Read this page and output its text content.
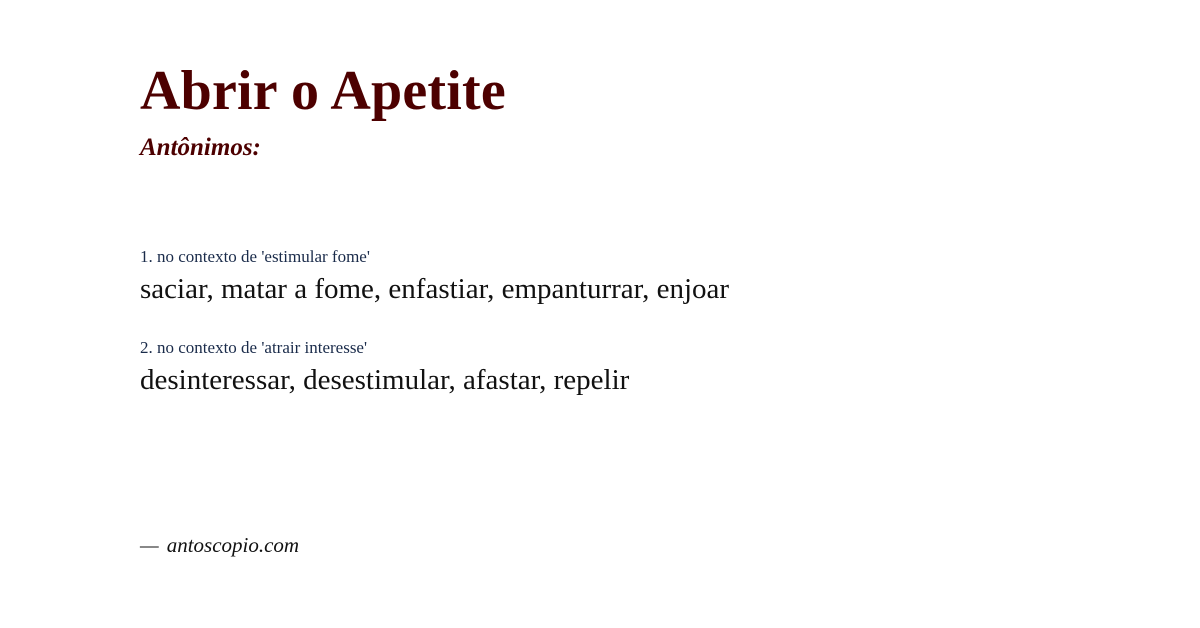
Abrir o Apetite
Antônimos:

1. no contexto de 'estimular fome'

saciar, matar a fome, enfastiar, empanturrar, enjoar

2. no contexto de 'atrair interesse'

desinteressar, desestimular, afastar, repelir

— antoscopio.com
